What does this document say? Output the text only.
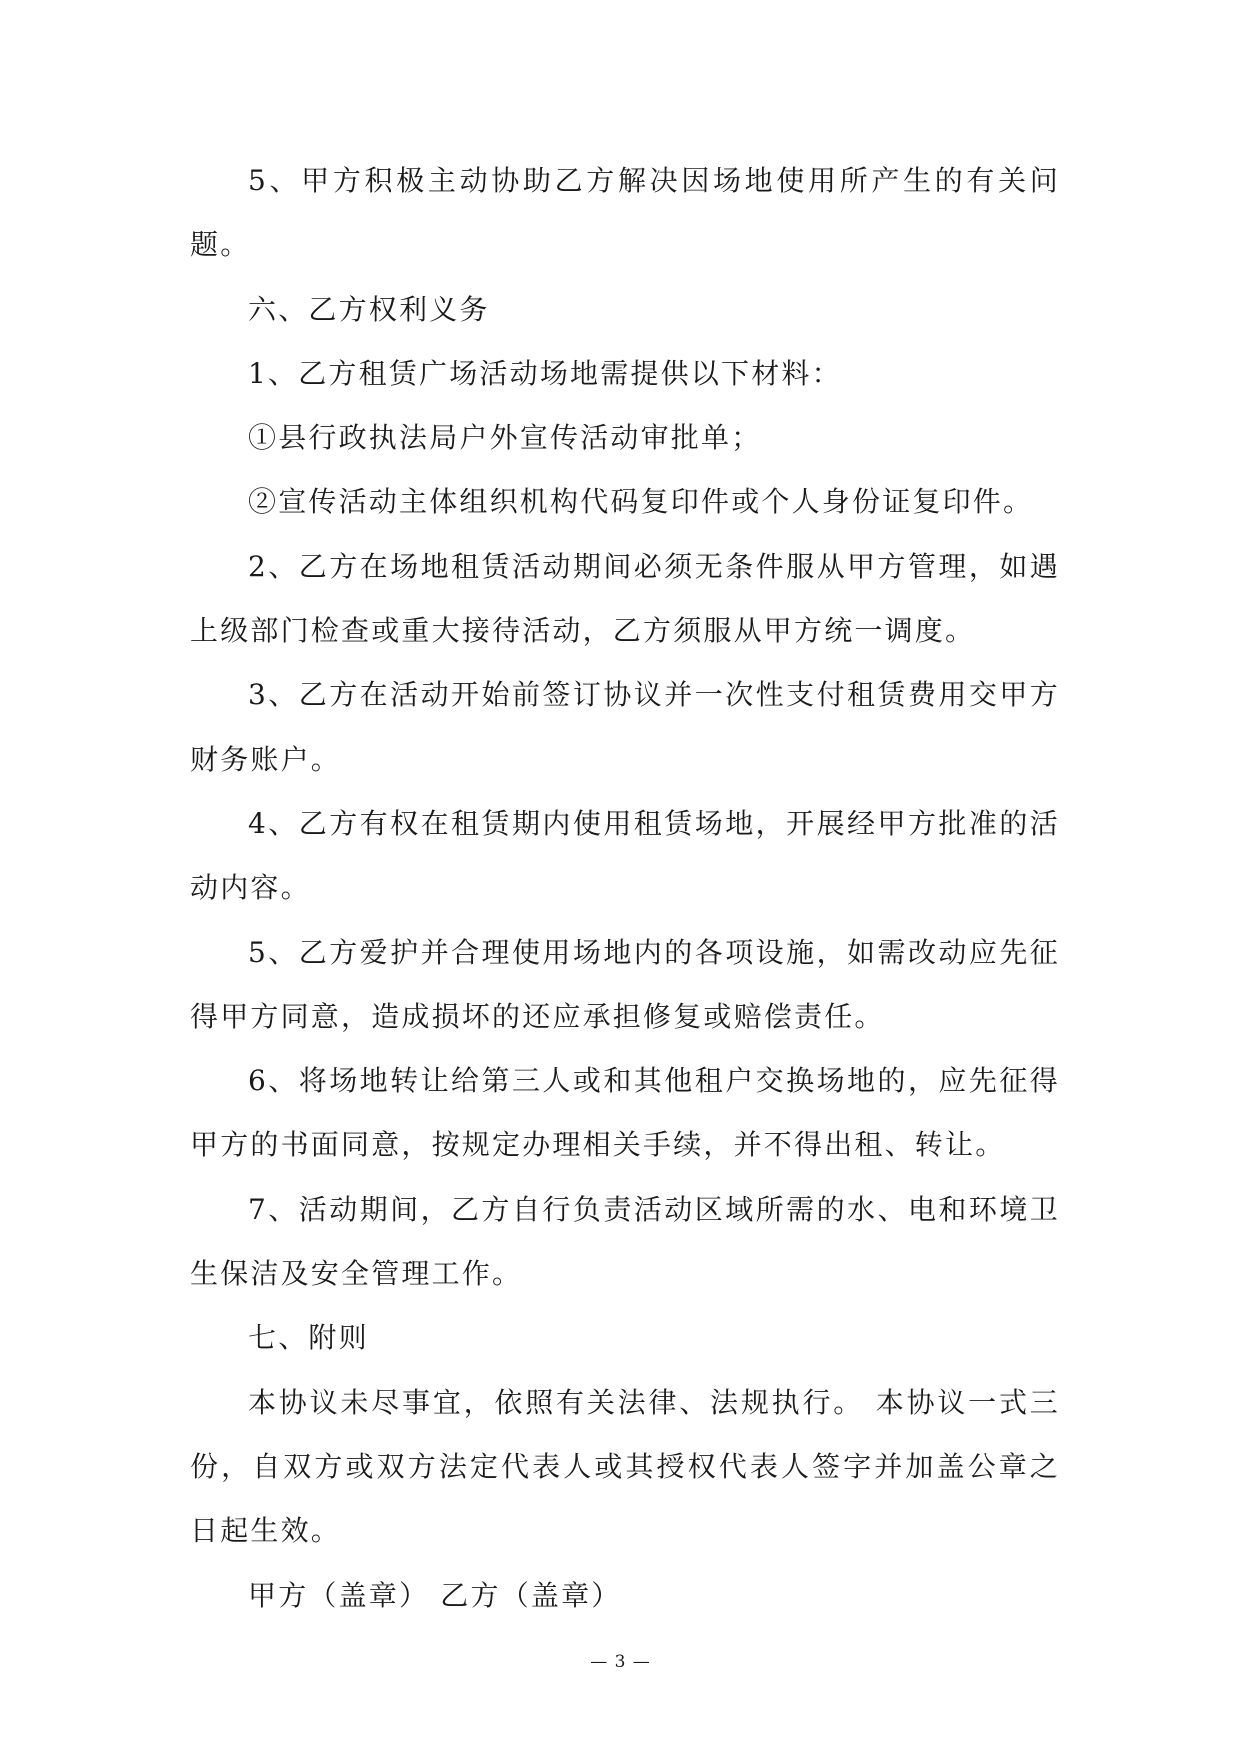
5、甲方积极主动协助乙方解决因场地使用所产生的有关问题。

六、乙方权利义务

1、乙方租赁广场活动场地需提供以下材料：

①县行政执法局户外宣传活动审批单；

②宣传活动主体组织机构代码复印件或个人身份证复印件。

2、乙方在场地租赁活动期间必须无条件服从甲方管理，如遇上级部门检查或重大接待活动，乙方须服从甲方统一调度。

3、乙方在活动开始前签订协议并一次性支付租赁费用交甲方财务账户。

4、乙方有权在租赁期内使用租赁场地，开展经甲方批准的活动内容。

5、乙方爱护并合理使用场地内的各项设施，如需改动应先征得甲方同意，造成损坏的还应承担修复或赔偿责任。

6、将场地转让给第三人或和其他租户交换场地的，应先征得甲方的书面同意，按规定办理相关手续，并不得出租、转让。

7、活动期间，乙方自行负责活动区域所需的水、电和环境卫生保洁及安全管理工作。

七、附则

本协议未尽事宜，依照有关法律、法规执行。 本协议一式三份，自双方或双方法定代表人或其授权代表人签字并加盖公章之日起生效。

甲方（盖章） 乙方（盖章）

— 3 —
